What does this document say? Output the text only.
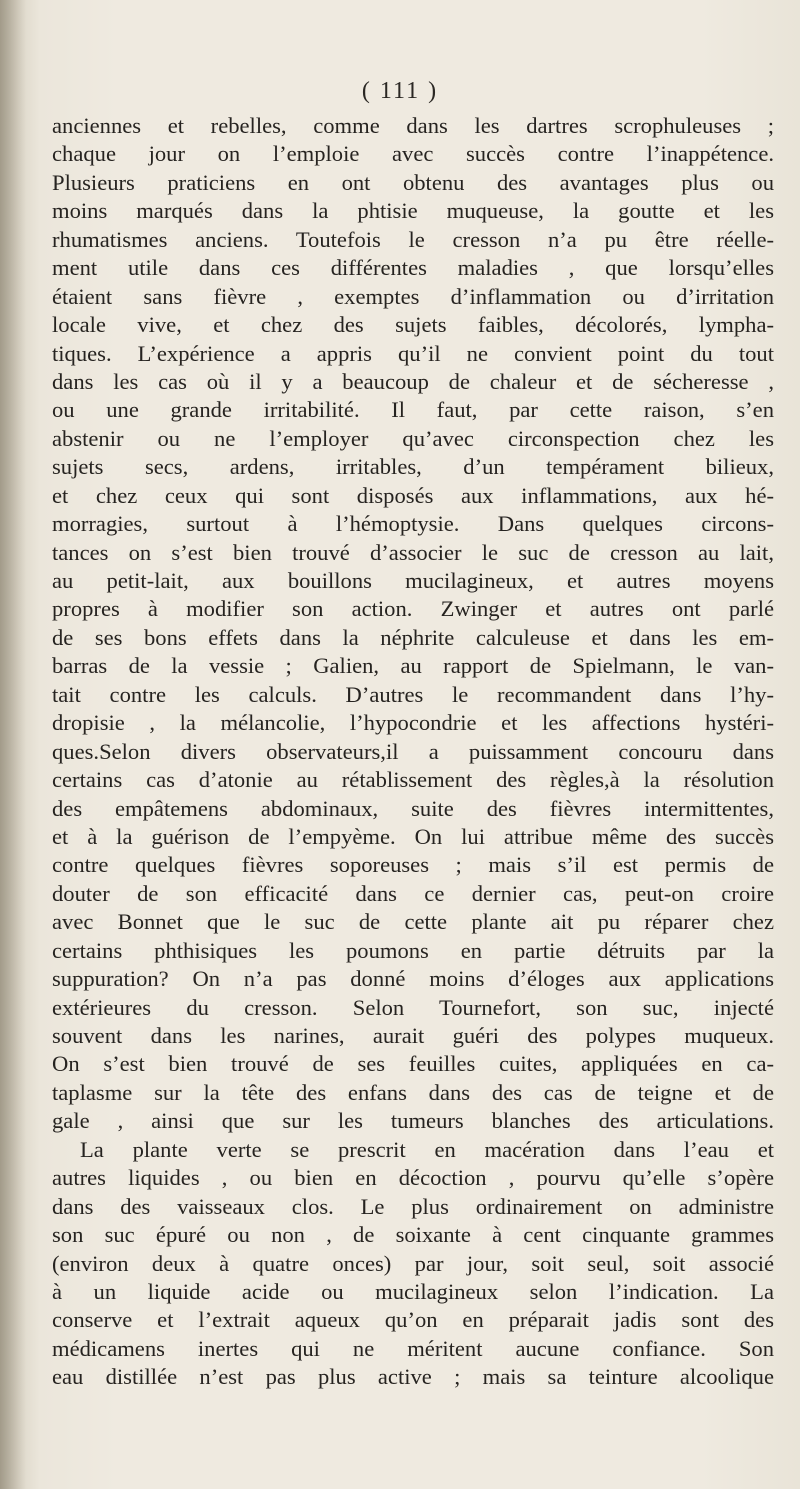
( 111 )
anciennes et rebelles, comme dans les dartres scrophuleuses ;
chaque jour on l’emploie avec succès contre l’inappétence.
Plusieurs praticiens en ont obtenu des avantages plus ou
moins marqués dans la phtisie muqueuse, la goutte et les
rhumatismes anciens. Toutefois le cresson n’a pu être réelle-
ment utile dans ces différentes maladies , que lorsqu’elles
étaient sans fièvre , exemptes d’inflammation ou d’irritation
locale vive, et chez des sujets faibles, décolorés, lympha-
tiques. L’expérience a appris qu’il ne convient point du tout
dans les cas où il y a beaucoup de chaleur et de sécheresse ,
ou une grande irritabilité. Il faut, par cette raison, s’en
abstenir ou ne l’employer qu’avec circonspection chez les
sujets secs, ardens, irritables, d’un tempérament bilieux,
et chez ceux qui sont disposés aux inflammations, aux hé-
morragies, surtout à l’hémoptysie. Dans quelques circons-
tances on s’est bien trouvé d’associer le suc de cresson au lait,
au petit-lait, aux bouillons mucilagineux, et autres moyens
propres à modifier son action. Zwinger et autres ont parlé
de ses bons effets dans la néphrite calculeuse et dans les em-
barras de la vessie ; Galien, au rapport de Spielmann, le van-
tait contre les calculs. D’autres le recommandent dans l’hy-
dropisie , la mélancolie, l’hypocondrie et les affections hystéri-
ques.Selon divers observateurs,il a puissamment concouru dans
certains cas d’atonie au rétablissement des règles,à la résolution
des empâtemens abdominaux, suite des fièvres intermittentes,
et à la guérison de l’empyème. On lui attribue même des succès
contre quelques fièvres soporeuses ; mais s’il est permis de
douter de son efficacité dans ce dernier cas, peut-on croire
avec Bonnet que le suc de cette plante ait pu réparer chez
certains phthisiques les poumons en partie détruits par la
suppuration? On n’a pas donné moins d’éloges aux applications
extérieures du cresson. Selon Tournefort, son suc, injecté
souvent dans les narines, aurait guéri des polypes muqueux.
On s’est bien trouvé de ses feuilles cuites, appliquées en ca-
taplasme sur la tête des enfans dans des cas de teigne et de
gale , ainsi que sur les tumeurs blanches des articulations.
La plante verte se prescrit en macération dans l’eau et
autres liquides , ou bien en décoction , pourvu qu’elle s’opère
dans des vaisseaux clos. Le plus ordinairement on administre
son suc épuré ou non , de soixante à cent cinquante grammes
(environ deux à quatre onces) par jour, soit seul, soit associé
à un liquide acide ou mucilagineux selon l’indication. La
conserve et l’extrait aqueux qu’on en préparait jadis sont des
médicamens inertes qui ne méritent aucune confiance. Son
eau distillée n’est pas plus active ; mais sa teinture alcoolique
